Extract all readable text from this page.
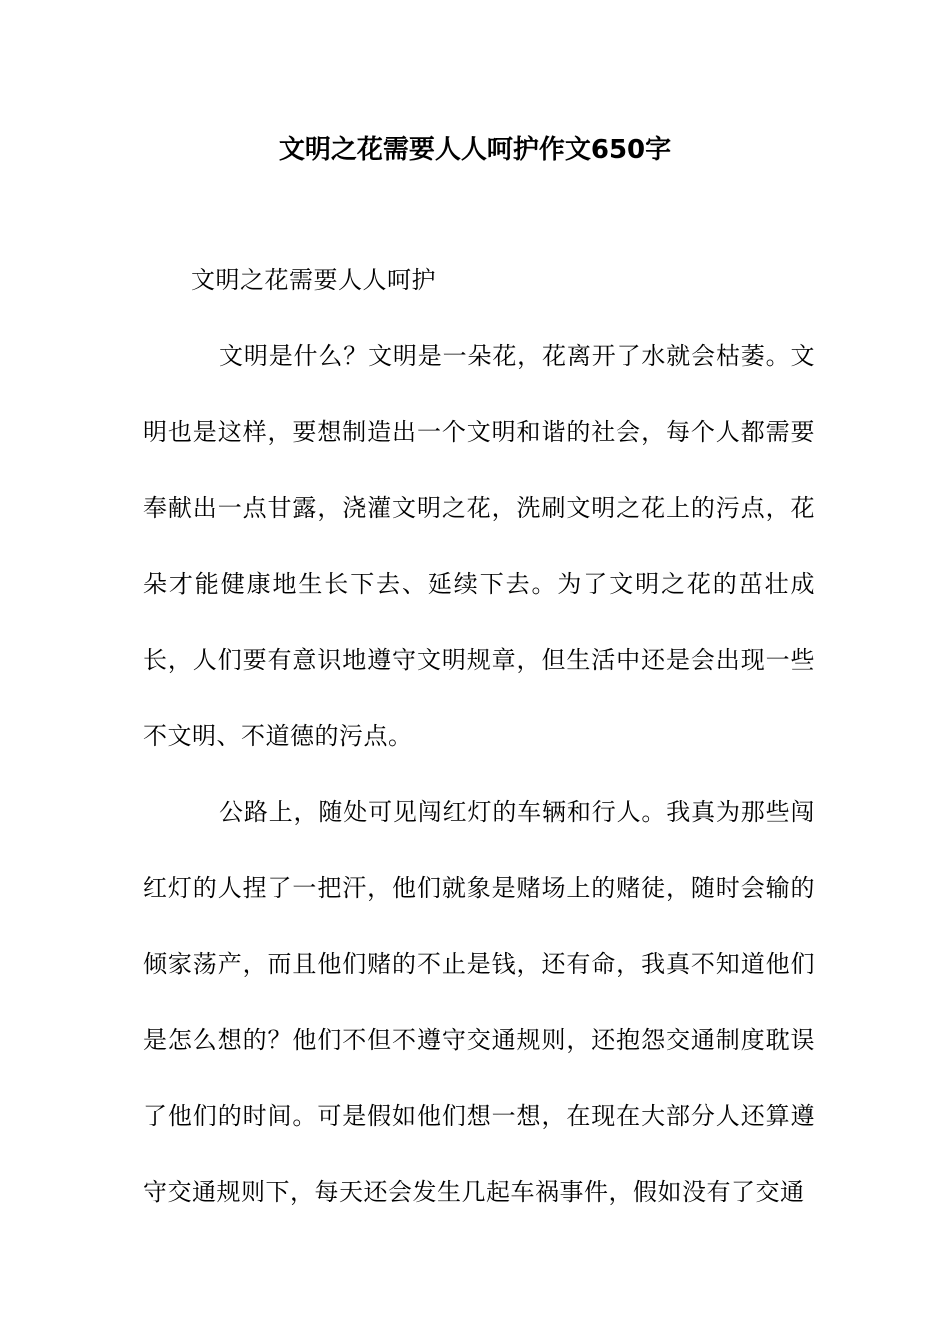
文明之花需要人人呵护作文650字

文明之花需要人人呵护

文明是什么？文明是一朵花，花离开了水就会枯萎。文明也是这样，要想制造出一个文明和谐的社会，每个人都需要奉献出一点甘露，浇灌文明之花，洗刷文明之花上的污点，花朵才能健康地生长下去、延续下去。为了文明之花的茁壮成长，人们要有意识地遵守文明规章，但生活中还是会出现一些不文明、不道德的污点。

公路上，随处可见闯红灯的车辆和行人。我真为那些闯红灯的人捏了一把汗，他们就象是赌场上的赌徒，随时会输的倾家荡产，而且他们赌的不止是钱，还有命，我真不知道他们是怎么想的？他们不但不遵守交通规则，还抱怨交通制度耽误了他们的时间。可是假如他们想一想，在现在大部分人还算遵守交通规则下，每天还会发生几起车祸事件，假如没有了交通
